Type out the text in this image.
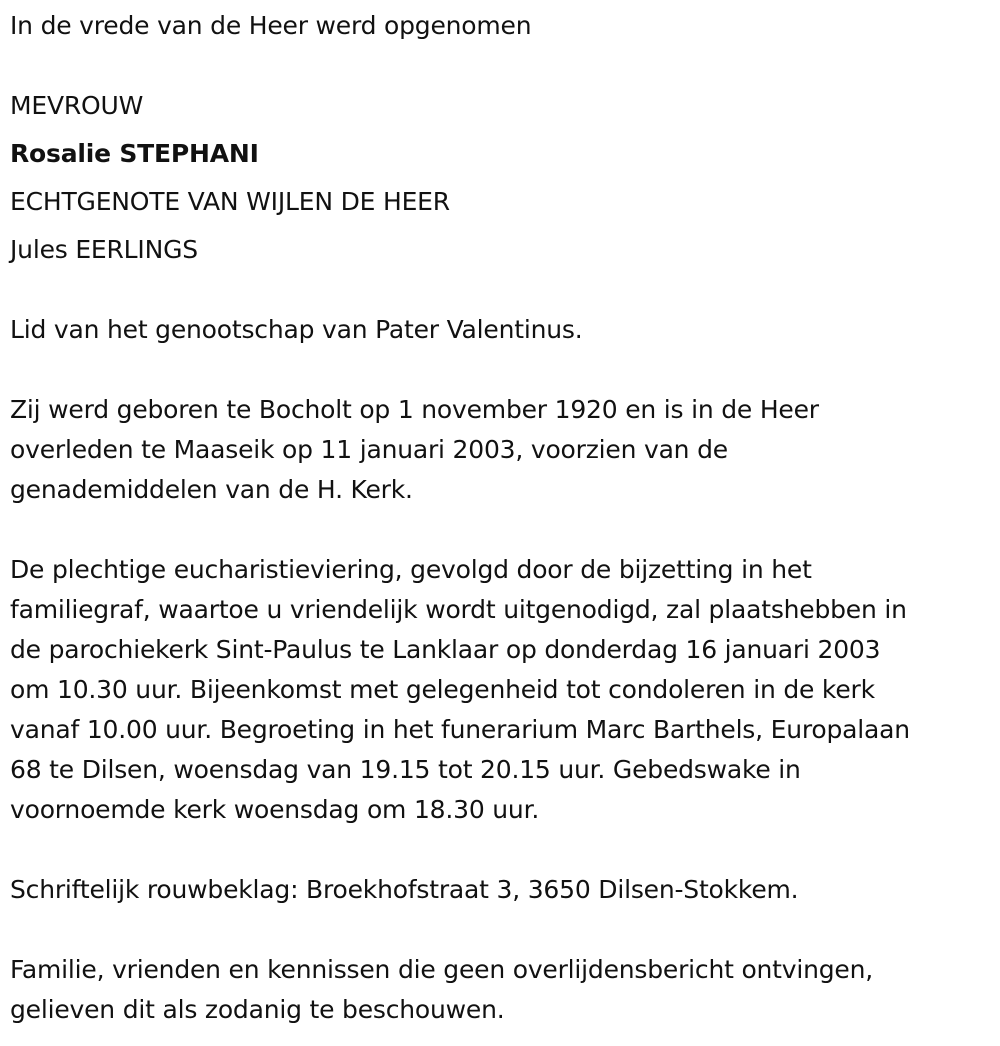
In de vrede van de Heer werd opgenomen
MEVROUW
Rosalie STEPHANI
ECHTGENOTE VAN WIJLEN DE HEER
Jules EERLINGS
Lid van het genootschap van Pater Valentinus.
Zij werd geboren te Bocholt op 1 november 1920 en is in de Heer
overleden te Maaseik op 11 januari 2003, voorzien van de
genademiddelen van de H. Kerk.
De plechtige eucharistieviering, gevolgd door de bijzetting in het
familiegraf, waartoe u vriendelijk wordt uitgenodigd, zal plaatshebben in
de parochiekerk Sint-Paulus te Lanklaar op donderdag 16 januari 2003
om 10.30 uur. Bijeenkomst met gelegenheid tot condoleren in de kerk
vanaf 10.00 uur. Begroeting in het funerarium Marc Barthels, Europalaan
68 te Dilsen, woensdag van 19.15 tot 20.15 uur. Gebedswake in
voornoemde kerk woensdag om 18.30 uur.
Schriftelijk rouwbeklag: Broekhofstraat 3, 3650 Dilsen-Stokkem.
Familie, vrienden en kennissen die geen overlijdensbericht ontvingen,
gelieven dit als zodanig te beschouwen.
